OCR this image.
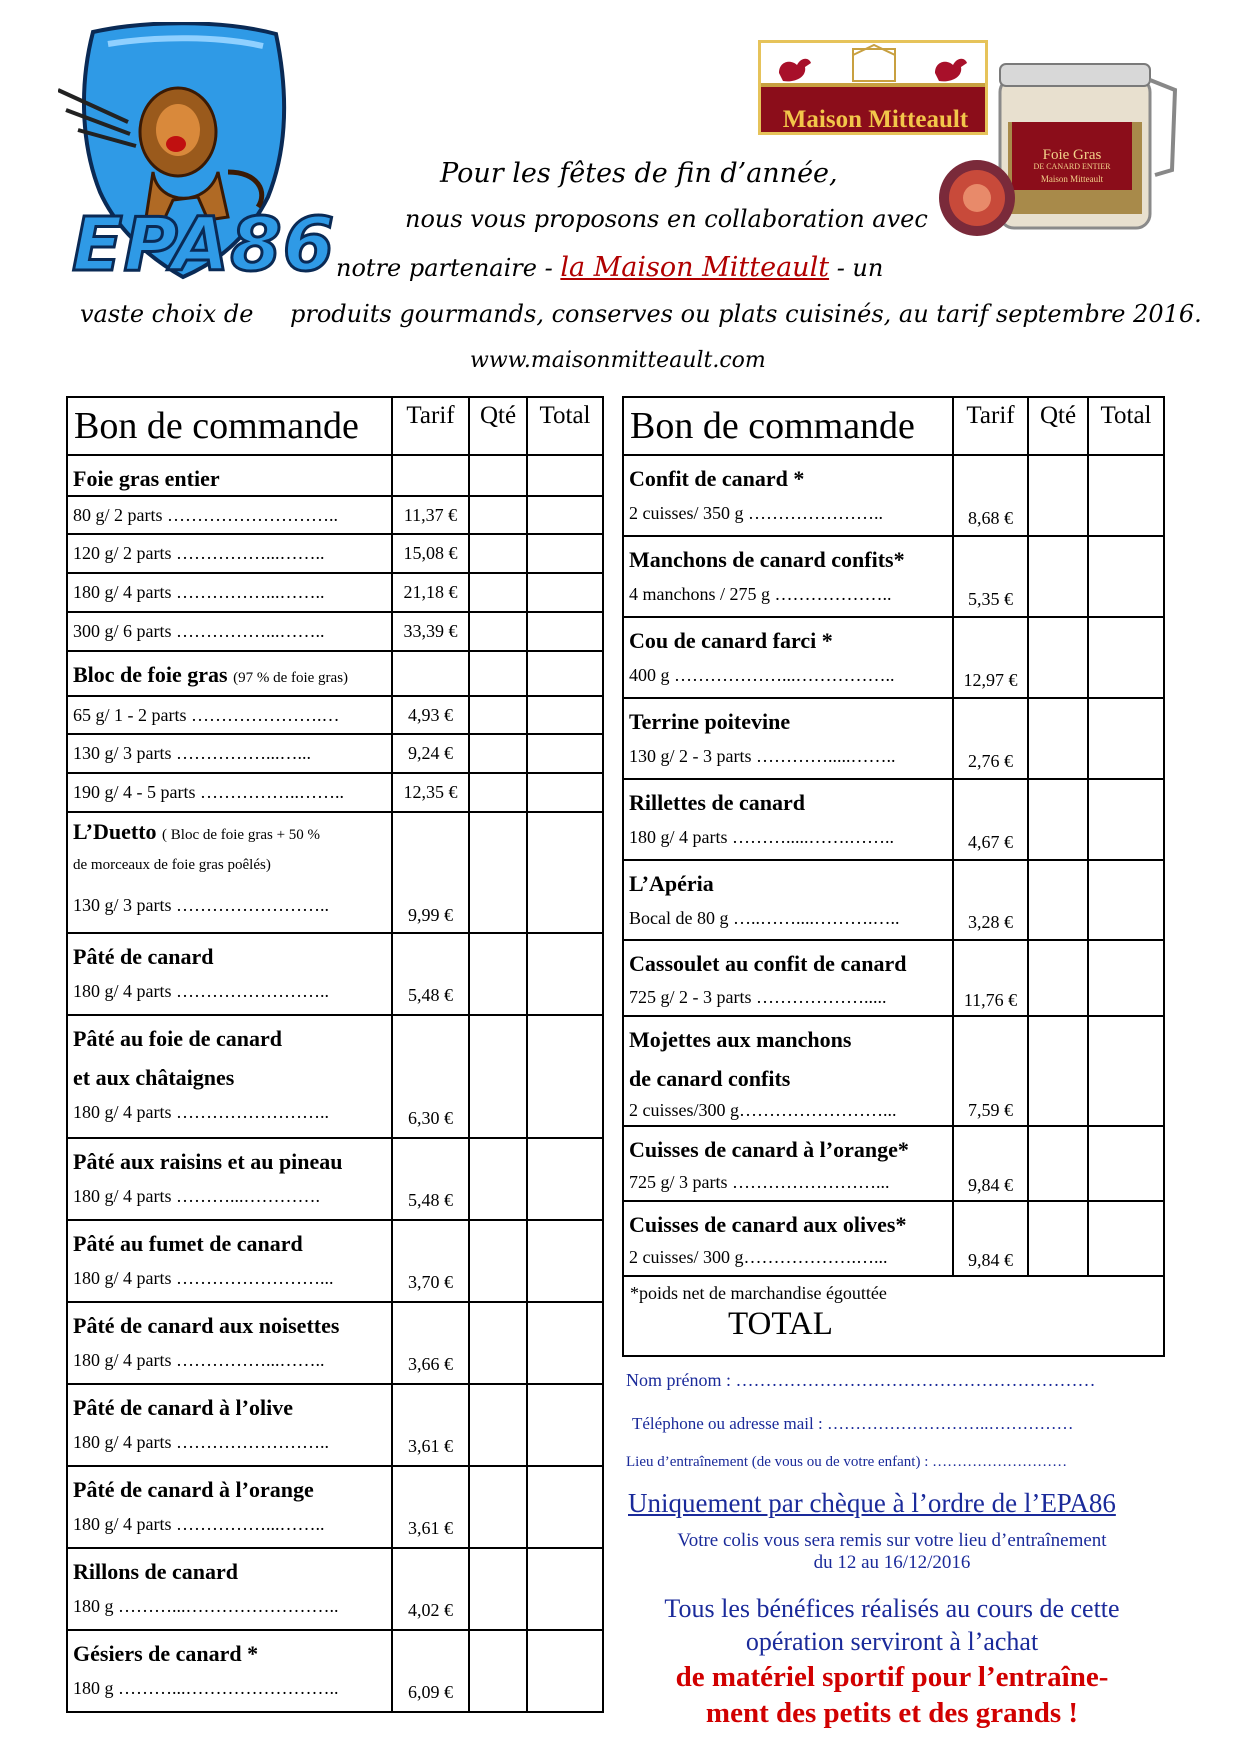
EPA86
Maison Mitteault
Foie Gras
DE CANARD ENTIER
Maison Mitteault
Pour les fêtes de fin d’année,
nous vous proposons en collaboration avec
notre partenaire - la Maison Mitteault - un
vaste choix de produits gourmands, conserves ou plats cuisinés, au tarif septembre 2016.
www.maisonmitteault.com
Bon de commande	Tarif	Qté	Total
Foie gras entier			
80 g/ 2 parts ………………………..	11,37 €		
120 g/ 2 parts ……………...……..	15,08 €		
180 g/ 4 parts ……………...……..	21,18 €		
300 g/ 6 parts ……………...……..	33,39 €		
Bloc de foie gras (97 % de foie gras)			
65 g/ 1 - 2 parts ………………….…	4,93 €		
130 g/ 3 parts ……………...…...	9,24 €		
190 g/ 4 - 5 parts ……………..……..	12,35 €		

L’Duetto ( Bloc de foie gras + 50 %
de morceaux de foie gras poêlés)
130 g/ 3 parts ……………………..	9,99 €		

Pâté de canard
180 g/ 4 parts ……………………..	5,48 €		

Pâté au foie de canard
et aux châtaignes
180 g/ 4 parts ……………………..	6,30 €		

Pâté aux raisins et au pineau
180 g/ 4 parts ………...………….	5,48 €		

Pâté au fumet de canard
180 g/ 4 parts ……………………...	3,70 €		

Pâté de canard aux noisettes
180 g/ 4 parts ……………...……..	3,66 €		

Pâté de canard à l’olive
180 g/ 4 parts ……………………..	3,61 €		

Pâté de canard à l’orange
180 g/ 4 parts ……………...……..	3,61 €		

Rillons de canard
180 g ………...……………………..	4,02 €		

Gésiers de canard *
180 g ………...……………………..	6,09 €		
Bon de commande	Tarif	Qté	Total

Confit de canard *
2 cuisses/ 350 g …………………..	8,68 €		

Manchons de canard confits*
4 manchons / 275 g ………………..	5,35 €		

Cou de canard farci *
400 g ………………...……………..	12,97 €		

Terrine poitevine
130 g/ 2 - 3 parts ………….....……..	2,76 €		

Rillettes de canard
180 g/ 4 parts ……….....…….……..	4,67 €		

L’Apéria
Bocal de 80 g …..……....……….…..	3,28 €		

Cassoulet au confit de canard
725 g/ 2 - 3 parts ……………….....	11,76 €		

Mojettes aux manchons
de canard confits
2 cuisses/300 g……………………...	7,59 €		

Cuisses de canard à l’orange*
725 g/ 3 parts ……………………...	9,84 €		

Cuisses de canard aux olives*
2 cuisses/ 300 g……………….…...	9,84 €		

*poids net de marchandise égouttée
TOTAL			
Nom prénom : ……………………………………………………
Téléphone ou adresse mail : ………………………..……………
Lieu d’entraînement (de vous ou de votre enfant) : ………………………
Uniquement par chèque à l’ordre de l’EPA86
Votre colis vous sera remis sur votre lieu d’entraînement
du 12 au 16/12/2016
Tous les bénéfices réalisés au cours de cette
opération serviront à l’achat
de matériel sportif pour l’entraîne-
ment des petits et des grands !
